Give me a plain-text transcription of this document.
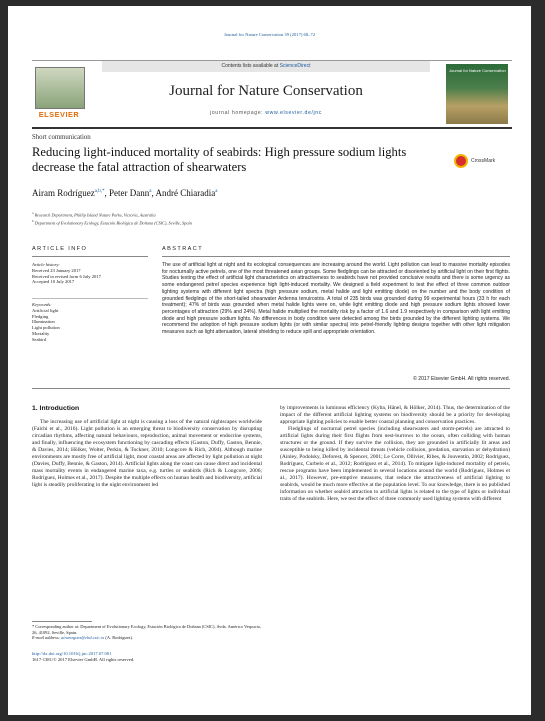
Journal for Nature Conservation 39 (2017) 68–72
ELSEVIER
Contents lists available at ScienceDirect
Journal for Nature Conservation
journal homepage: www.elsevier.de/jnc
Journal for Nature Conservation
Short communication
Reducing light-induced mortality of seabirds: High pressure sodium lights decrease the fatal attraction of shearwaters	CrossMark
Airam Rodríguez$^{a,b,*}$, Peter Dann$^a$, André Chiaradia$^a$
$^a$ Research Department, Phillip Island Nature Parks, Victoria, Australia
$^b$ Department of Evolutionary Ecology, Estación Biológica de Doñana (CSIC), Seville, Spain
ARTICLE INFO	ABSTRACT
Article history:
Received 23 January 2017
Received in revised form 6 July 2017
Accepted 10 July 2017
Keywords:
Artificial light
Fledging
Illumination
Light pollution
Mortality
Seabird
The use of artificial light at night and its ecological consequences are increasing around the world. Light pollution can lead to massive mortality episodes for nocturnally active petrels, one of the most threatened avian groups. Some fledglings can be attracted or disoriented by artificial light on their first flights. Studies testing the effect of artificial light characteristics on attractiveness to seabirds have not provided conclusive results and there is some urgency as some endangered petrel species experience high light-induced mortality. We designed a field experiment to test the effect of three common outdoor lighting systems with different light spectra (high pressure sodium, metal halide and light emitting diode) on the number and the body condition of grounded fledglings of the short-tailed shearwater Ardenna tenuirostris. A total of 235 birds was grounded during 99 experimental hours (33 h for each treatment); 47% of birds was grounded when metal halide lights were on, while light emitting diode and high pressure sodium lights showed lower percentages of attraction (29% and 24%). Metal halide multiplied the mortality risk by a factor of 1.6 and 1.9 respectively in comparison with light emitting diode and high pressure sodium lights. No differences in body condition were detected among the birds grounded by the different lighting systems. We recommend the adoption of high pressure sodium lights (or with similar spectra) into petrel-friendly lighting designs together with other light mitigation measures such as light attenuation, lateral shielding to reduce spill and appropriate orientation.
© 2017 Elsevier GmbH. All rights reserved.
1. Introduction

The increasing use of artificial light at night is causing a loss of the natural nightscapes worldwide (Falchi et al., 2016). Light pollution is an emerging threat to biodiversity conservation by disrupting circadian rhythms, affecting natural behaviours, reproduction, animal movement or endocrine systems, and finally, influencing the ecosystem functioning by cascading effects (Gaston, Duffy, Gaston, Bennie, & Davies, 2014; Hölker, Wolter, Perkin, & Tockner, 2010; Longcore & Rich, 2004). Although marine environments are mostly free of artificial light, most coastal areas are affected by light pollution at night (Davies, Duffy, Bennie, & Gaston, 2014). Artificial lights along the coast can cause direct and incidental mass mortality events in endangered marine taxa, e.g. turtles or seabirds (Rich & Longcore, 2006; Rodríguez, Holmes et al., 2017). Despite the multiple effects on human health and biodiversity, artificial light is steadily proliferating in the night environment led

by improvements in luminous efficiency (Kyba, Hänel, & Hölker, 2014). Thus, the determination of the impact of the different artificial lighting systems on biodiversity should be a priority for developing appropriate lighting policies to enable better coastal planning and conservation practices.

Fledglings of nocturnal petrel species (including shearwaters and storm-petrels) are attracted to artificial lights during their first flights from nest-burrows to the ocean, often colliding with human structures or the ground. If they survive the collision, they are grounded in artificially lit areas and susceptible to being killed by incidental threats (vehicle collision, predation, starvation or dehydration) (Ainley, Podolsky, Deforest, & Spencer, 2001; Le Corre, Ollivier, Ribes, & Jouventin, 2002; Rodríguez, Rodríguez, Curbelo et al., 2012; Rodríguez et al., 2014). To mitigate light-induced mortality of petrels, rescue programs have been implemented in several locations around the world (Rodríguez, Holmes et al., 2017). However, pre-emptive measures, that reduce the attractiveness of artificial lighting to seabirds, would be much more effective at the population level. To our knowledge, there is no published information on whether seabird attraction to artificial lights is related to the type of lights or individual traits of the seabirds. Here, we test the effect of three commonly used lighting systems with different

* Corresponding author at: Department of Evolutionary Ecology, Estación Biológica de Doñana (CSIC), Avda. Américo Vespucio, 26, 41092, Seville, Spain.
E-mail address: airamrguez@ebd.csic.es (A. Rodríguez).
http://dx.doi.org/10.1016/j.jnc.2017.07.001
1617-1381/© 2017 Elsevier GmbH. All rights reserved.
